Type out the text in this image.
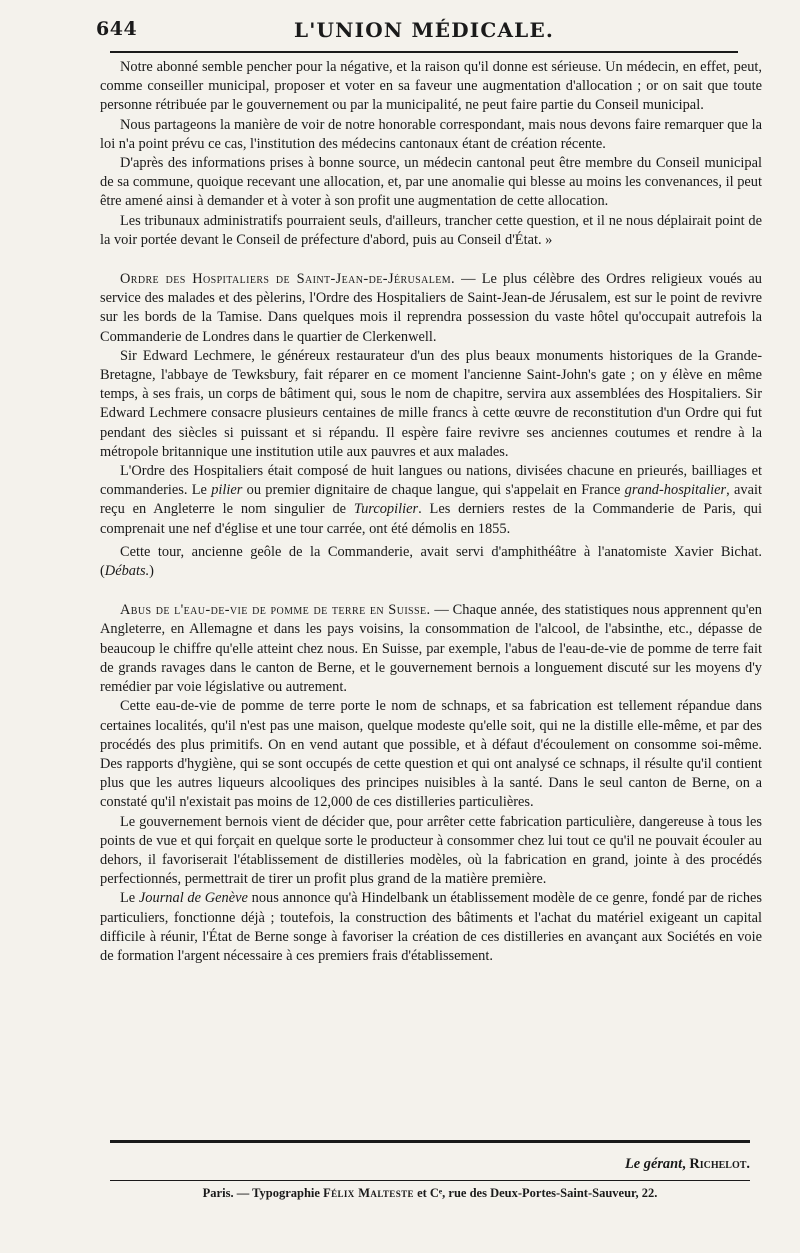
644	L'UNION MÉDICALE.

Notre abonné semble pencher pour la négative, et la raison qu'il donne est sérieuse. Un médecin, en effet, peut, comme conseiller municipal, proposer et voter en sa faveur une augmentation d'allocation ; or on sait que toute personne rétribuée par le gouvernement ou par la municipalité, ne peut faire partie du Conseil municipal.

Nous partageons la manière de voir de notre honorable correspondant, mais nous devons faire remarquer que la loi n'a point prévu ce cas, l'institution des médecins cantonaux étant de création récente.

D'après des informations prises à bonne source, un médecin cantonal peut être membre du Conseil municipal de sa commune, quoique recevant une allocation, et, par une anomalie qui blesse au moins les convenances, il peut être amené ainsi à demander et à voter à son profit une augmentation de cette allocation.

Les tribunaux administratifs pourraient seuls, d'ailleurs, trancher cette question, et il ne nous déplairait point de la voir portée devant le Conseil de préfecture d'abord, puis au Conseil d'État. »

Ordre des Hospitaliers de Saint-Jean-de-Jérusalem. — Le plus célèbre des Ordres religieux voués au service des malades et des pèlerins, l'Ordre des Hospitaliers de Saint-Jean-de Jérusalem, est sur le point de revivre sur les bords de la Tamise. Dans quelques mois il reprendra possession du vaste hôtel qu'occupait autrefois la Commanderie de Londres dans le quartier de Clerkenwell.

Sir Edward Lechmere, le généreux restaurateur d'un des plus beaux monuments historiques de la Grande-Bretagne, l'abbaye de Tewksbury, fait réparer en ce moment l'ancienne Saint-John's gate ; on y élève en même temps, à ses frais, un corps de bâtiment qui, sous le nom de chapitre, servira aux assemblées des Hospitaliers. Sir Edward Lechmere consacre plusieurs centaines de mille francs à cette œuvre de reconstitution d'un Ordre qui fut pendant des siècles si puissant et si répandu. Il espère faire revivre ses anciennes coutumes et rendre à la métropole britannique une institution utile aux pauvres et aux malades.

L'Ordre des Hospitaliers était composé de huit langues ou nations, divisées chacune en prieurés, bailliages et commanderies. Le pilier ou premier dignitaire de chaque langue, qui s'appelait en France grand-hospitalier, avait reçu en Angleterre le nom singulier de Turcopilier. Les derniers restes de la Commanderie de Paris, qui comprenait une nef d'église et une tour carrée, ont été démolis en 1855.

Cette tour, ancienne geôle de la Commanderie, avait servi d'amphithéâtre à l'anatomiste Xavier Bichat. (Débats.)

Abus de l'eau-de-vie de pomme de terre en Suisse. — Chaque année, des statistiques nous apprennent qu'en Angleterre, en Allemagne et dans les pays voisins, la consommation de l'alcool, de l'absinthe, etc., dépasse de beaucoup le chiffre qu'elle atteint chez nous. En Suisse, par exemple, l'abus de l'eau-de-vie de pomme de terre fait de grands ravages dans le canton de Berne, et le gouvernement bernois a longuement discuté sur les moyens d'y remédier par voie législative ou autrement.

Cette eau-de-vie de pomme de terre porte le nom de schnaps, et sa fabrication est tellement répandue dans certaines localités, qu'il n'est pas une maison, quelque modeste qu'elle soit, qui ne la distille elle-même, et par des procédés des plus primitifs. On en vend autant que possible, et à défaut d'écoulement on consomme soi-même. Des rapports d'hygiène, qui se sont occupés de cette question et qui ont analysé ce schnaps, il résulte qu'il contient plus que les autres liqueurs alcooliques des principes nuisibles à la santé. Dans le seul canton de Berne, on a constaté qu'il n'existait pas moins de 12,000 de ces distilleries particulières.

Le gouvernement bernois vient de décider que, pour arrêter cette fabrication particulière, dangereuse à tous les points de vue et qui forçait en quelque sorte le producteur à consommer chez lui tout ce qu'il ne pouvait écouler au dehors, il favoriserait l'établissement de distilleries modèles, où la fabrication en grand, jointe à des procédés perfectionnés, permettrait de tirer un profit plus grand de la matière première.

Le Journal de Genève nous annonce qu'à Hindelbank un établissement modèle de ce genre, fondé par de riches particuliers, fonctionne déjà ; toutefois, la construction des bâtiments et l'achat du matériel exigeant un capital difficile à réunir, l'État de Berne songe à favoriser la création de ces distilleries en avançant aux Sociétés en voie de formation l'argent nécessaire à ces premiers frais d'établissement.

Le gérant, Richelot.
Paris. — Typographie Félix Malteste et Cᵉ, rue des Deux-Portes-Saint-Sauveur, 22.
